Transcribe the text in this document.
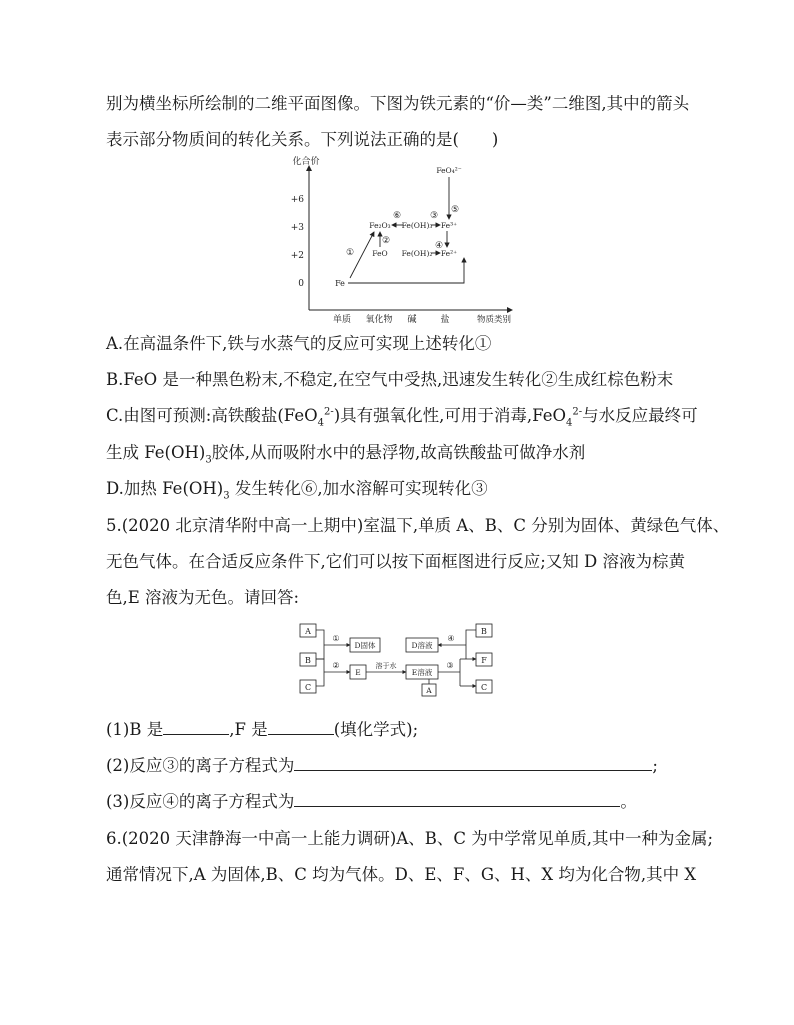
别为横坐标所绘制的二维平面图像。下图为铁元素的“价—类”二维图,其中的箭头
表示部分物质间的转化关系。下列说法正确的是(　　)
化合价
+6
+3
+2
0
单质 氧化物 碱	盐	物质类别
Fe
Fe₂O₃
FeO
Fe(OH)₃
Fe(OH)₂
Fe³⁺
Fe²⁺
FeO₄²⁻
①
②
③
④
⑤
⑥
A.在高温条件下,铁与水蒸气的反应可实现上述转化①
B.FeO 是一种黑色粉末,不稳定,在空气中受热,迅速发生转化②生成红棕色粉末
C.由图可预测:高铁酸盐(FeO$_4^{2-}$)具有强氧化性,可用于消毒,FeO$_4^{2-}$与水反应最终可
生成 $Fe(OH)_3$胶体,从而吸附水中的悬浮物,故高铁酸盐可做净水剂
D.加热 $Fe(OH)_3$ 发生转化⑥,加水溶解可实现转化③
5.(2020 北京清华附中高一上期中)室温下,单质 A、B、C 分别为固体、黄绿色气体、
无色气体。在合适反应条件下,它们可以按下面框图进行反应;又知 D 溶液为棕黄
色,E 溶液为无色。请回答:
A
B
C
D固体
E
D溶液
E溶液
A
B
F
C
①
②	溶于水	③
④
(1)B 是	,F 是	(填化学式);
(2)反应③的离子方程式为	;
(3)反应④的离子方程式为	。
6.(2020 天津静海一中高一上能力调研)A、B、C 为中学常见单质,其中一种为金属;
通常情况下,A 为固体,B、C 均为气体。D、E、F、G、H、X 均为化合物,其中 X
